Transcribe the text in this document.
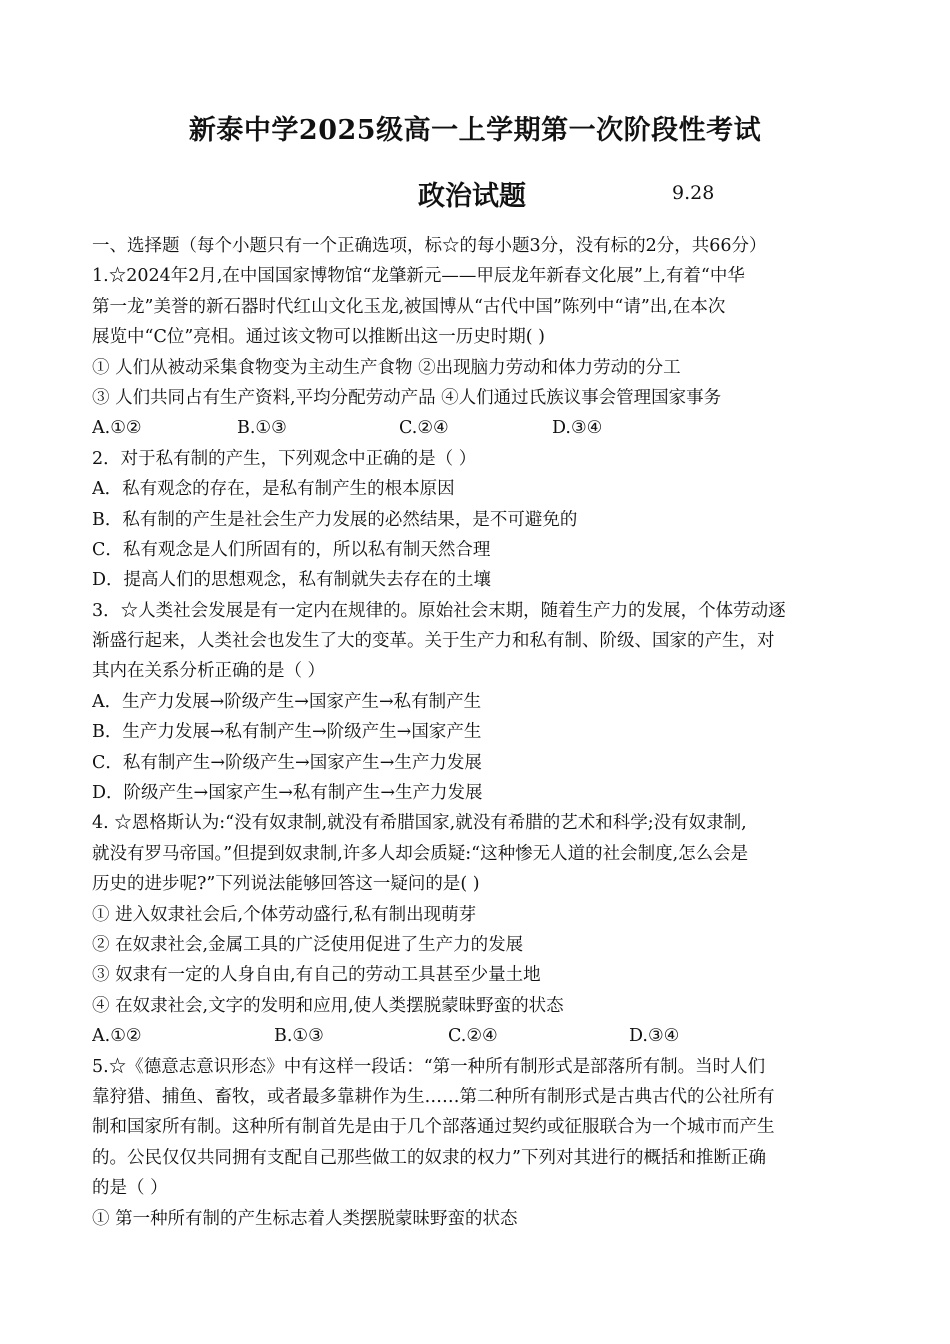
新泰中学2025级高一上学期第一次阶段性考试
政治试题	9.28
一、选择题（每个小题只有一个正确选项，标☆的每小题3分，没有标的2分，共66分）
1.☆2024年2月,在中国国家博物馆“龙肇新元——甲辰龙年新春文化展”上,有着“中华
第一龙”美誉的新石器时代红山文化玉龙,被国博从“古代中国”陈列中“请”出,在本次
展览中“C位”亮相。通过该文物可以推断出这一历史时期( )
① 人们从被动采集食物变为主动生产食物 ②出现脑力劳动和体力劳动的分工
③ 人们共同占有生产资料,平均分配劳动产品 ④人们通过氏族议事会管理国家事务
A.①②	B.①③	C.②④	D.③④
2．对于私有制的产生，下列观念中正确的是（ ）
A．私有观念的存在，是私有制产生的根本原因
B．私有制的产生是社会生产力发展的必然结果，是不可避免的
C．私有观念是人们所固有的，所以私有制天然合理
D．提高人们的思想观念，私有制就失去存在的土壤
3．☆人类社会发展是有一定内在规律的。原始社会末期，随着生产力的发展，个体劳动逐
渐盛行起来，人类社会也发生了大的变革。关于生产力和私有制、阶级、国家的产生，对
其内在关系分析正确的是（ ）
A．生产力发展→阶级产生→国家产生→私有制产生
B．生产力发展→私有制产生→阶级产生→国家产生
C．私有制产生→阶级产生→国家产生→生产力发展
D．阶级产生→国家产生→私有制产生→生产力发展
4. ☆恩格斯认为:“没有奴隶制,就没有希腊国家,就没有希腊的艺术和科学;没有奴隶制,
就没有罗马帝国。”但提到奴隶制,许多人却会质疑:“这种惨无人道的社会制度,怎么会是
历史的进步呢?”下列说法能够回答这一疑问的是( )
① 进入奴隶社会后,个体劳动盛行,私有制出现萌芽
② 在奴隶社会,金属工具的广泛使用促进了生产力的发展
③ 奴隶有一定的人身自由,有自己的劳动工具甚至少量土地
④ 在奴隶社会,文字的发明和应用,使人类摆脱蒙昧野蛮的状态
A.①②	B.①③	C.②④	D.③④
5.☆《德意志意识形态》中有这样一段话：“第一种所有制形式是部落所有制。当时人们
靠狩猎、捕鱼、畜牧，或者最多靠耕作为生……第二种所有制形式是古典古代的公社所有
制和国家所有制。这种所有制首先是由于几个部落通过契约或征服联合为一个城市而产生
的。公民仅仅共同拥有支配自己那些做工的奴隶的权力”下列对其进行的概括和推断正确
的是（ ）
① 第一种所有制的产生标志着人类摆脱蒙昧野蛮的状态
